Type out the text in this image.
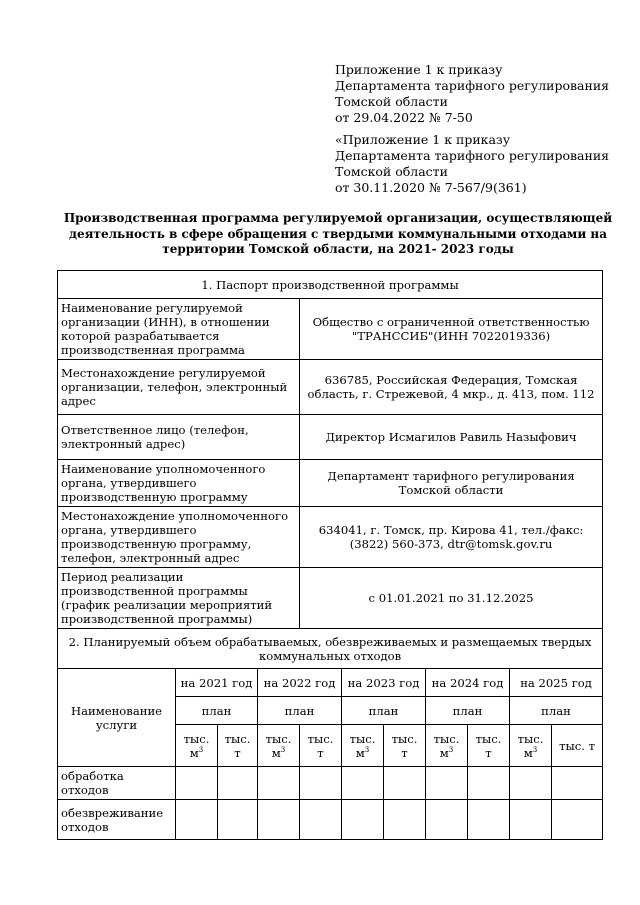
Приложение 1 к приказу
Департамента тарифного регулирования
Томской области
от 29.04.2022 № 7-50
«Приложение 1 к приказу
Департамента тарифного регулирования
Томской области
от 30.11.2020 № 7-567/9(361)
Производственная программа регулируемой организации, осуществляющей
деятельность в сфере обращения с твердыми коммунальными отходами на
территории Томской области, на 2021- 2023 годы
1. Паспорт производственной программы										
Наименование регулируемой организации (ИНН), в отношении которой разрабатывается производственная программа				Общество с ограниченной ответственностью "ТРАНССИБ"(ИНН 7022019336)						
Местонахождение регулируемой организации, телефон, электронный адрес				636785, Российская Федерация, Томская область, г. Стрежевой, 4 мкр., д. 413, пом. 112						
Ответственное лицо (телефон, электронный адрес)				Директор Исмагилов Равиль Назыфович						
Наименование уполномоченного органа, утвердившего производственную программу				Департамент тарифного регулирования Томской области						
Местонахождение уполномоченного органа, утвердившего производственную программу, телефон, электронный адрес				634041, г. Томск, пр. Кирова 41, тел./факс: (3822) 560-373, dtr@tomsk.gov.ru						
Период реализации производственной программы (график реализации мероприятий производственной программы)				с 01.01.2021 по 31.12.2025						
2. Планируемый объем обрабатываемых, обезвреживаемых и размещаемых твердых коммунальных отходов										
Наименование услуги	на 2021 год		на 2022 год		на 2023 год		на 2024 год		на 2025 год	
	план		план		план		план		план	
	тыс. $м^3$	тыс. т	тыс. $м^3$	тыс. т	тыс. $м^3$	тыс. т	тыс. $м^3$	тыс. т	тыс. $м^3$	тыс. т
обработка отходов										
обезвреживание отходов										
